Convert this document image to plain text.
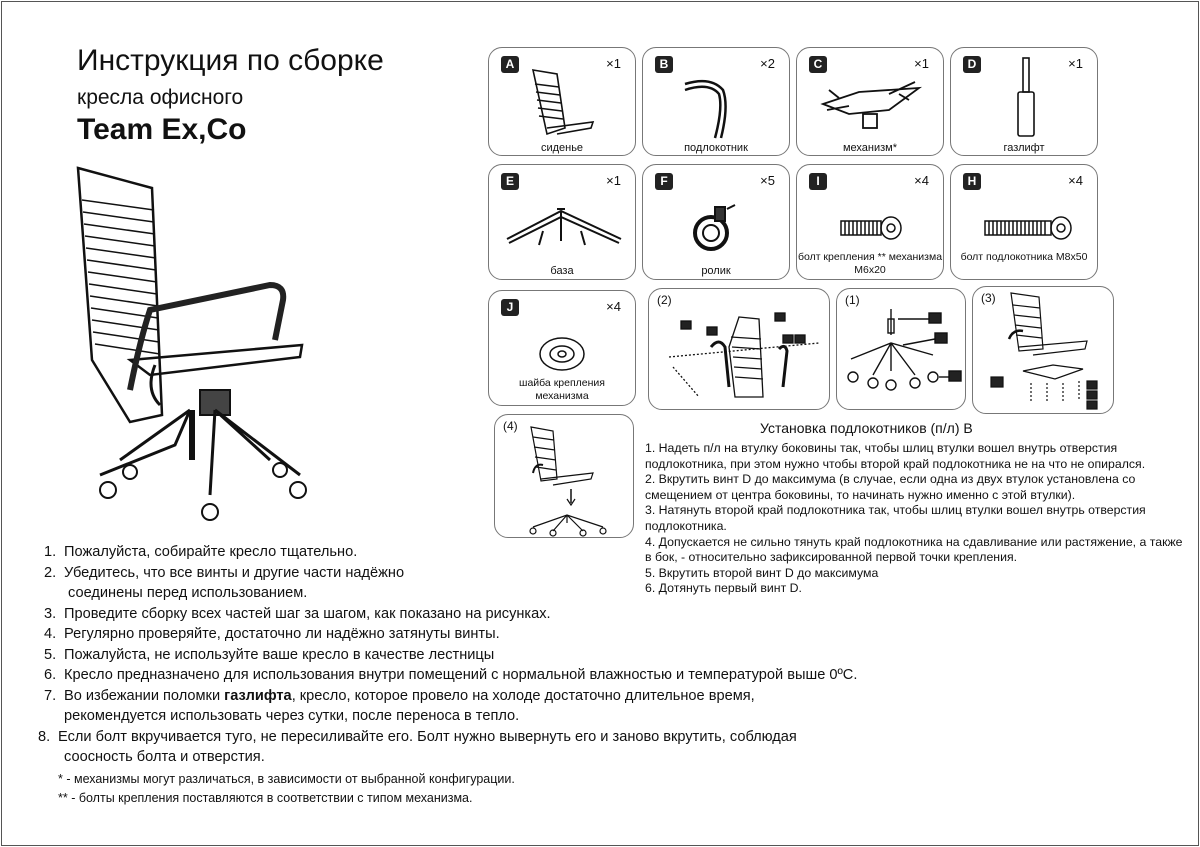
Инструкция по сборке
кресла офисного
Team Ex,Co
A	×1
сиденье
B	×2
подлокотник
C	×1
механизм*
D	×1
газлифт
E	×1
база
F	×5
ролик
I	×4
болт крепления ** механизма М6х20
H	×4
болт подлокотника М8х50
J	×4
шайба крепления механизма
(2)	(1)	(3)
(4)	Установка подлокотников (п/л) B
1. Надеть п/л на втулку боковины так, чтобы шлиц втулки вошел внутрь отверстия подлокотника, при этом нужно чтобы второй край подлокотника не на что не опирался.
2. Вкрутить винт D до максимума (в случае, если одна из двух втулок установлена со смещением от центра боковины, то начинать нужно именно с этой втулки).
3. Натянуть второй край подлокотника так, чтобы шлиц втулки вошел внутрь отверстия подлокотника.
4. Допускается не сильно тянуть край подлокотника на сдавливание или растяжение, а также в бок, - относительно зафиксированной первой точки крепления.
5. Вкрутить второй винт D до максимума
6. Дотянуть первый винт D.
1. Пожалуйста, собирайте кресло тщательно.
2. Убедитесь, что все винты и другие части надёжно
соединены перед использованием.
3. Проведите сборку всех частей шаг за шагом, как показано на рисунках.
4. Регулярно проверяйте, достаточно ли надёжно затянуты винты.
5. Пожалуйста, не используйте ваше кресло в качестве лестницы
6. Кресло предназначено для использования внутри помещений с нормальной влажностью и температурой выше 0ºС.
7. Во избежании поломки газлифта, кресло, которое провело на холоде достаточно длительное время,
рекомендуется использовать через сутки, после переноса в тепло.
8. Если болт вкручивается туго, не пересиливайте его. Болт нужно вывернуть его и заново вкрутить, соблюдая
соосность болта и отверстия.
* - механизмы могут различаться, в зависимости от выбранной конфигурации.
** - болты крепления поставляются в соответствии с типом механизма.
